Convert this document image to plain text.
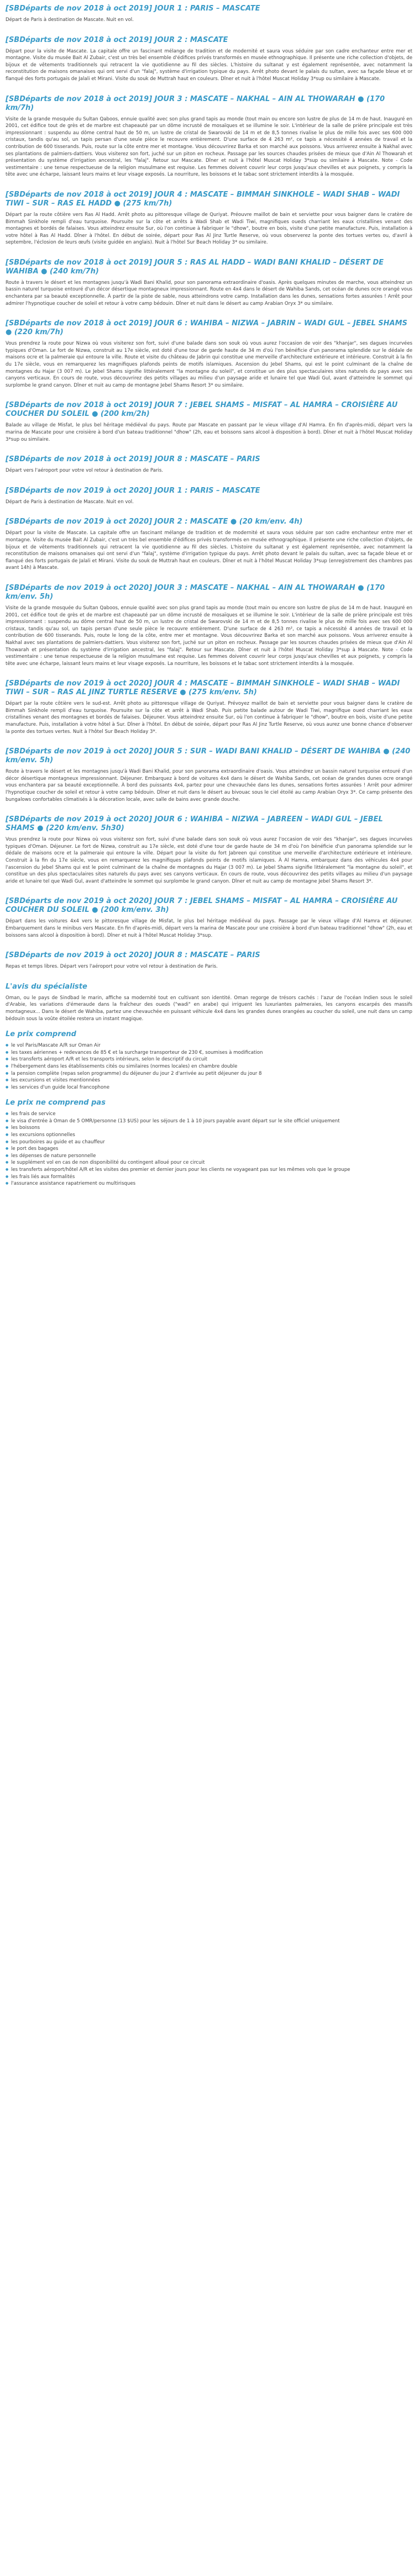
[SBDéparts de nov 2018 à oct 2019] JOUR 1 : PARIS – MASCATE

Départ de Paris à destination de Mascate. Nuit en vol.

[SBDéparts de nov 2018 à oct 2019] JOUR 2 : MASCATE

Départ pour la visite de Mascate. La capitale offre un fascinant mélange de tradition et de modernité et saura vous séduire par son cadre enchanteur entre mer et montagne. Visite du musée Bait Al Zubair, c'est un très bel ensemble d'édifices privés transformés en musée ethnographique. Il présente une riche collection d'objets, de bijoux et de vêtements traditionnels qui retracent la vie quotidienne au fil des siècles. L'histoire du sultanat y est également représentée, avec notamment la reconstitution de maisons omanaises qui ont servi d'un "falaj", système d'irrigation typique du pays. Arrêt photo devant le palais du sultan, avec sa façade bleue et or flanqué des forts portugais de Jalali et Mirani. Visite du souk de Muttrah haut en couleurs. Dîner et nuit à l'hôtel Muscat Holiday 3*sup ou similaire à Mascate.

[SBDéparts de nov 2018 à oct 2019] JOUR 3 : MASCATE – NAKHAL – AIN AL THOWARAH ● (170 km/7h)

Visite de la grande mosquée du Sultan Qaboos, ennuie qualité avec son plus grand tapis au monde (tout main ou encore son lustre de plus de 14 m de haut. Inauguré en 2001, cet édifice tout de grès et de marbre est chapeauté par un dôme incrusté de mosaïques et se illumine le soir. L'intérieur de la salle de prière principale est très impressionnant : suspendu au dôme central haut de 50 m, un lustre de cristal de Swarovski de 14 m et de 8,5 tonnes rivalise le plus de mille fois avec ses 600 000 cristaux, tandis qu'au sol, un tapis persan d'une seule pièce le recouvre entièrement. D'une surface de 4 263 m², ce tapis a nécessité 4 années de travail et la contribution de 600 tisserands. Puis, route sur la côte entre mer et montagne. Vous découvrirez Barka et son marché aux poissons. Vous arriverez ensuite à Nakhal avec ses plantations de palmiers-dattiers. Vous visiterez son fort, juché sur un piton en rocheux. Passage par les sources chaudes prisées de mieux que d'Ain Al Thowarah et présentation du système d'irrigation ancestral, les "falaj". Retour sur Mascate. Dîner et nuit à l'hôtel Muscat Holiday 3*sup ou similaire à Mascate. Note - Code vestimentaire : une tenue respectueuse de la religion musulmane est requise. Les femmes doivent couvrir leur corps jusqu'aux chevilles et aux poignets, y compris la tête avec une écharpe, laissant leurs mains et leur visage exposés. La nourriture, les boissons et le tabac sont strictement interdits à la mosquée.

[SBDéparts de nov 2018 à oct 2019] JOUR 4 : MASCATE – BIMMAH SINKHOLE – WADI SHAB – WADI TIWI – SUR – RAS EL HADD ● (275 km/7h)

Départ par la route côtière vers Ras Al Hadd. Arrêt photo au pittoresque village de Quriyat. Préouvre maillot de bain et serviette pour vous baigner dans le cratère de Bimmah Sinkhole rempli d'eau turquoise. Poursuite sur la côte et arrêts à Wadi Shab et Wadi Tiwi, magnifiques oueds charriant les eaux cristallines venant des montagnes et bordés de falaises. Vous atteindrez ensuite Sur, où l'on continue à fabriquer le "dhow", boutre en bois, visite d'une petite manufacture. Puis, installation à votre hôtel à Ras Al Hadd. Dîner à l'hôtel. En début de soirée, départ pour Ras Al Jinz Turtle Reserve, où vous observerez la ponte des tortues vertes ou, d'avril à septembre, l'éclosion de leurs œufs (visite guidée en anglais). Nuit à l'hôtel Sur Beach Holiday 3* ou similaire.

[SBDéparts de nov 2018 à oct 2019] JOUR 5 : RAS AL HADD – WADI BANI KHALID – DÉSERT DE WAHIBA ● (240 km/7h)

Route à travers le désert et les montagnes jusqu'à Wadi Bani Khalid, pour son panorama extraordinaire d'oasis. Après quelques minutes de marche, vous atteindrez un bassin naturel turquoise entouré d'un décor désertique montagneux impressionnant. Route en 4x4 dans le désert de Wahiba Sands, cet océan de dunes ocre orangé vous enchantera par sa beauté exceptionnelle. À partir de la piste de sable, nous atteindrons votre camp. Installation dans les dunes, sensations fortes assurées ! Arrêt pour admirer l'hypnotique coucher de soleil et retour à votre camp bédouin. Dîner et nuit dans le désert au camp Arabian Oryx 3* ou similaire.

[SBDéparts de nov 2018 à oct 2019] JOUR 6 : WAHIBA – NIZWA – JABRIN – WADI GUL – JEBEL SHAMS ● (220 km/7h)

Vous prendrez la route pour Nizwa où vous visiterez son fort, suivi d'une balade dans son souk où vous aurez l'occasion de voir des "khanjar", ses dagues incurvées typiques d'Oman. Le fort de Nizwa, construit au 17e siècle, est doté d'une tour de garde haute de 34 m d'où l'on bénéficie d'un panorama splendide sur le dédale de maisons ocre et la palmeraie qui entoure la ville. Route et visite du château de Jabrin qui constitue une merveille d'architecture extérieure et intérieure. Construit à la fin du 17e siècle, vous en remarquerez les magnifiques plafonds peints de motifs islamiques. Ascension du Jebel Shams, qui est le point culminant de la chaîne de montagnes du Hajar (3 007 m). Le Jebel Shams signifie littéralement "la montagne du soleil", et constitue un des plus spectaculaires sites naturels du pays avec ses canyons verticaux. En cours de route, vous découvrirez des petits villages au milieu d'un paysage aride et lunaire tel que Wadi Gul, avant d'atteindre le sommet qui surplombe le grand canyon. Dîner et nuit au camp de montagne Jebel Shams Resort 3* ou similaire.

[SBDéparts de nov 2018 à oct 2019] JOUR 7 : JEBEL SHAMS – MISFAT – AL HAMRA – CROISIÈRE AU COUCHER DU SOLEIL ● (200 km/2h)

Balade au village de Misfat, le plus bel héritage médiéval du pays. Route par Mascate en passant par le vieux village d'Al Hamra. En fin d'après-midi, départ vers la marina de Mascate pour une croisière à bord d'un bateau traditionnel "dhow" (2h, eau et boissons sans alcool à disposition à bord). Dîner et nuit à l'hôtel Muscat Holiday 3*sup ou similaire.

[SBDéparts de nov 2018 à oct 2019] JOUR 8 : MASCATE – PARIS

Départ vers l'aéroport pour votre vol retour à destination de Paris.

[SBDéparts de nov 2019 à oct 2020] JOUR 1 : PARIS – MASCATE

Départ de Paris à destination de Mascate. Nuit en vol.

[SBDéparts de nov 2019 à oct 2020] JOUR 2 : MASCATE ● (20 km/env. 4h)

Départ pour la visite de Mascate. La capitale offre un fascinant mélange de tradition et de modernité et saura vous séduire par son cadre enchanteur entre mer et montagne. Visite du musée Bait Al Zubair, c'est un très bel ensemble d'édifices privés transformés en musée ethnographique. Il présente une riche collection d'objets, de bijoux et de vêtements traditionnels qui retracent la vie quotidienne au fil des siècles. L'histoire du sultanat y est également représentée, avec notamment la reconstitution de maisons omanaises qui ont servi d'un "falaj", système d'irrigation typique du pays. Arrêt photo devant le palais du sultan, avec sa façade bleue et or flanqué des forts portugais de Jalali et Mirani. Visite du souk de Muttrah haut en couleurs. Dîner et nuit à l'hôtel Muscat Holiday 3*sup (enregistrement des chambres pas avant 14h) à Mascate.

[SBDéparts de nov 2019 à oct 2020] JOUR 3 : MASCATE – NAKHAL – AIN AL THOWARAH ● (170 km/env. 5h)

Visite de la grande mosquée du Sultan Qaboos, ennuie qualité avec son plus grand tapis au monde (tout main ou encore son lustre de plus de 14 m de haut. Inauguré en 2001, cet édifice tout de grès et de marbre est chapeauté par un dôme incrusté de mosaïques et se illumine le soir. L'intérieur de la salle de prière principale est très impressionnant : suspendu au dôme central haut de 50 m, un lustre de cristal de Swarovski de 14 m et de 8,5 tonnes rivalise le plus de mille fois avec ses 600 000 cristaux, tandis qu'au sol, un tapis persan d'une seule pièce le recouvre entièrement. D'une surface de 4 263 m², ce tapis a nécessité 4 années de travail et la contribution de 600 tisserands. Puis, route le long de la côte, entre mer et montagne. Vous découvrirez Barka et son marché aux poissons. Vous arriverez ensuite à Nakhal avec ses plantations de palmiers-dattiers. Vous visiterez son fort, juché sur un piton en rocheux. Passage par les sources chaudes prisées de mieux que d'Ain Al Thowarah et présentation du système d'irrigation ancestral, les "falaj". Retour sur Mascate. Dîner et nuit à l'hôtel Muscat Holiday 3*sup à Mascate. Note - Code vestimentaire : une tenue respectueuse de la religion musulmane est requise. Les femmes doivent couvrir leur corps jusqu'aux chevilles et aux poignets, y compris la tête avec une écharpe, laissant leurs mains et leur visage exposés. La nourriture, les boissons et le tabac sont strictement interdits à la mosquée.

[SBDéparts de nov 2019 à oct 2020] JOUR 4 : MASCATE – BIMMAH SINKHOLE – WADI SHAB – WADI TIWI – SUR – RAS AL JINZ TURTLE RESERVE ● (275 km/env. 5h)

Départ par la route côtière vers le sud-est. Arrêt photo au pittoresque village de Quriyat. Prévoyez maillot de bain et serviette pour vous baigner dans le cratère de Bimmah Sinkhole rempli d'eau turquoise. Poursuite sur la côte et arrêt à Wadi Shab. Puis petite balade autour de Wadi Tiwi, magnifique oued charriant les eaux cristallines venant des montagnes et bordés de falaises. Déjeuner. Vous atteindrez ensuite Sur, où l'on continue à fabriquer le "dhow", boutre en bois, visite d'une petite manufacture. Puis, installation à votre hôtel à Sur. Dîner à l'hôtel. En début de soirée, départ pour Ras Al Jinz Turtle Reserve, où vous aurez une bonne chance d'observer la ponte des tortues vertes. Nuit à l'hôtel Sur Beach Holiday 3*.

[SBDéparts de nov 2019 à oct 2020] JOUR 5 : SUR – WADI BANI KHALID – DÉSERT DE WAHIBA ● (240 km/env. 5h)

Route à travers le désert et les montagnes jusqu'à Wadi Bani Khalid, pour son panorama extraordinaire d'oasis. Vous atteindrez un bassin naturel turquoise entouré d'un décor désertique montagneux impressionnant. Déjeuner. Embarquez à bord de voitures 4x4 dans le désert de Wahiba Sands, cet océan de grandes dunes ocre orangé vous enchantera par sa beauté exceptionnelle. À bord des puissants 4x4, partez pour une chevauchée dans les dunes, sensations fortes assurées ! Arrêt pour admirer l'hypnotique coucher de soleil et retour à votre camp bédouin. Dîner et nuit dans le désert au bivouac sous le ciel étoilé au camp Arabian Oryx 3*. Ce camp présente des bungalows confortables climatisés à la décoration locale, avec salle de bains avec grande douche.

[SBDéparts de nov 2019 à oct 2020] JOUR 6 : WAHIBA – NIZWA – JABREEN – WADI GUL – JEBEL SHAMS ● (220 km/env. 5h30)

Vous prendrez la route pour Nizwa où vous visiterez son fort, suivi d'une balade dans son souk où vous aurez l'occasion de voir des "khanjar", ses dagues incurvées typiques d'Oman. Déjeuner. Le fort de Nizwa, construit au 17e siècle, est doté d'une tour de garde haute de 34 m d'où l'on bénéficie d'un panorama splendide sur le dédale de maisons ocre et la palmeraie qui entoure la ville. Départ pour la visite du fort Jabreen qui constitue une merveille d'architecture extérieure et intérieure. Construit à la fin du 17e siècle, vous en remarquerez les magnifiques plafonds peints de motifs islamiques. À Al Hamra, embarquez dans des véhicules 4x4 pour l'ascension du Jebel Shams qui est le point culminant de la chaîne de montagnes du Hajar (3 007 m). Le Jebel Shams signifie littéralement "la montagne du soleil", et constitue un des plus spectaculaires sites naturels du pays avec ses canyons verticaux. En cours de route, vous découvrirez des petits villages au milieu d'un paysage aride et lunaire tel que Wadi Gul, avant d'atteindre le sommet qui surplombe le grand canyon. Dîner et nuit au camp de montagne Jebel Shams Resort 3*.

[SBDéparts de nov 2019 à oct 2020] JOUR 7 : JEBEL SHAMS – MISFAT – AL HAMRA – CROISIÈRE AU COUCHER DU SOLEIL ● (200 km/env. 3h)

Départ dans les voitures 4x4 vers le pittoresque village de Misfat, le plus bel héritage médiéval du pays. Passage par le vieux village d'Al Hamra et déjeuner. Embarquement dans le minibus vers Mascate. En fin d'après-midi, départ vers la marina de Mascate pour une croisière à bord d'un bateau traditionnel "dhow" (2h, eau et boissons sans alcool à disposition à bord). Dîner et nuit à l'hôtel Muscat Holiday 3*sup.

[SBDéparts de nov 2019 à oct 2020] JOUR 8 : MASCATE – PARIS

Repas et temps libres. Départ vers l'aéroport pour votre vol retour à destination de Paris.

L'avis du spécialiste

Oman, ou le pays de Sindbad le marin, affiche sa modernité tout en cultivant son identité. Oman regorge de trésors cachés : l'azur de l'océan Indien sous le soleil d'Arabie, les variations d'émeraude dans la fraîcheur des oueds ("wadi" en arabe) qui irriguent les luxuriantes palmeraies, les canyons escarpés des massifs montagneux... Dans le désert de Wahiba, partez une chevauchée en puissant véhicule 4x4 dans les grandes dunes orangées au coucher du soleil, une nuit dans un camp bédouin sous la voûte étoilée restera un instant magique.

Le prix comprend
● le vol Paris/Mascate A/R sur Oman Air
● les taxes aériennes + redevances de 85 € et la surcharge transporteur de 230 €, soumises à modification
● les transferts aéroport A/R et les transports intérieurs, selon le descriptif du circuit
● l'hébergement dans les établissements cités ou similaires (normes locales) en chambre double
● la pension complète (repas selon programme) du déjeuner du jour 2 d'arrivée au petit déjeuner du jour 8
● les excursions et visites mentionnées
● les services d'un guide local francophone
Le prix ne comprend pas
● les frais de service
● le visa d'entrée à Oman de 5 OMR/personne (13 $US) pour les séjours de 1 à 10 jours payable avant départ sur le site officiel uniquement
● les boissons
● les excursions optionnelles
● les pourboires au guide et au chauffeur
● le port des bagages
● les dépenses de nature personnelle
● le supplément vol en cas de non disponibilité du contingent alloué pour ce circuit
● les transferts aéroport/hôtel A/R et les visites des premier et dernier jours pour les clients ne voyageant pas sur les mêmes vols que le groupe
● les frais liés aux formalités
● l'assurance assistance rapatriement ou multirisques
